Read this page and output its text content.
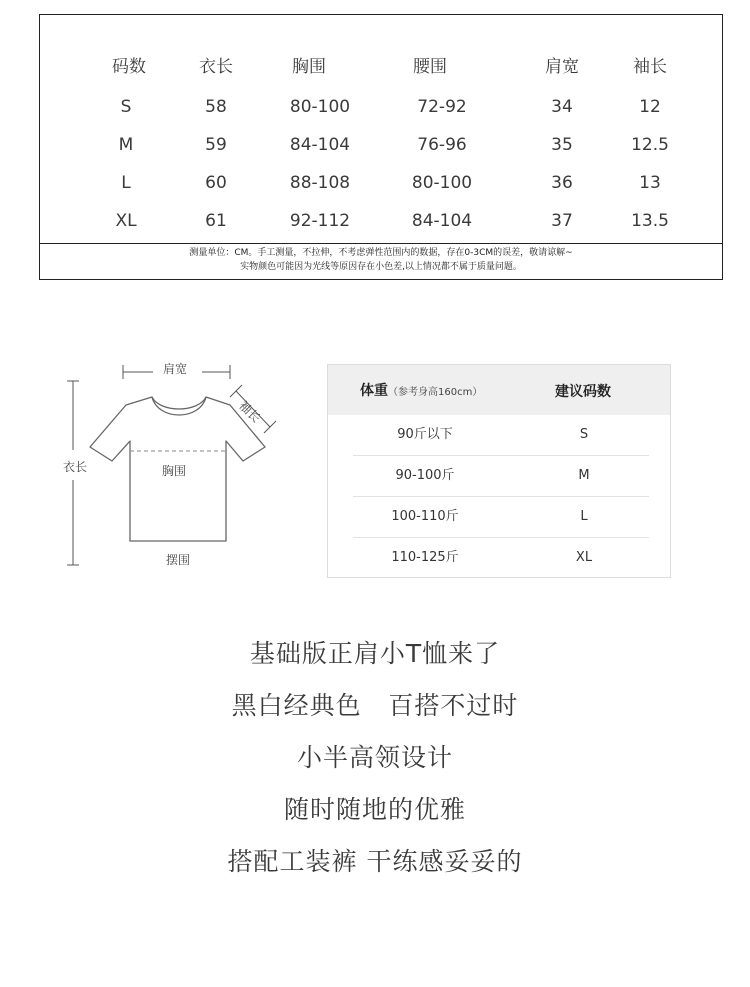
码数	衣长	胸围	腰围	肩宽	袖长
S	58	80-100	72-92	34	12
M	59	84-104	76-96	35	12.5
L	60	88-108	80-100	36	13
XL	61	92-112	84-104	37	13.5
测量单位：CM。手工测量，不拉伸，不考虑弹性范围内的数据，存在0-3CM的误差，敬请谅解~
实物颜色可能因为光线等原因存在小色差,以上情况都不属于质量问题。
肩宽
袖长
衣长	胸围
摆围
体重（参考身高160cm）	建议码数
90斤以下	S
90-100斤	M
100-110斤	L
110-125斤	XL
基础版正肩小T恤来了
黑白经典色   百搭不过时
小半高领设计
随时随地的优雅
搭配工装裤 干练感妥妥的
